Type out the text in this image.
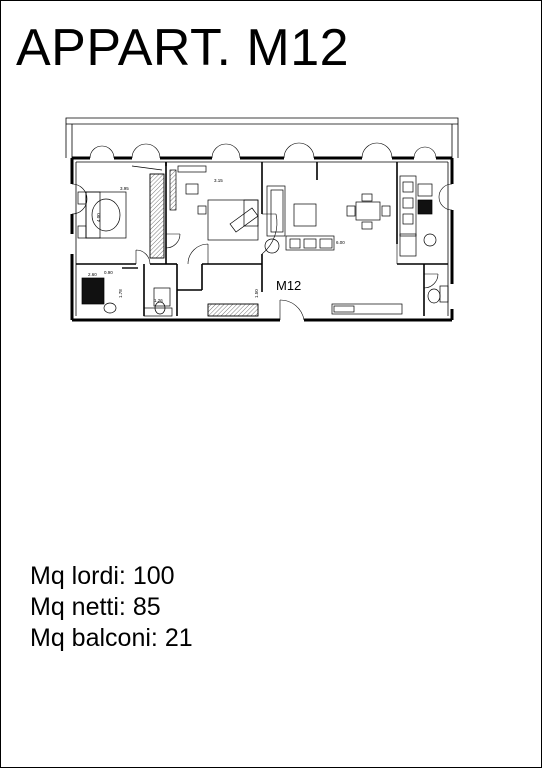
APPART. M12
3.95
4.00
3.15
6.00
2.60
1.78
1.26
1.50
0.90
M12
Mq lordi: 100
Mq netti: 85
Mq balconi: 21
